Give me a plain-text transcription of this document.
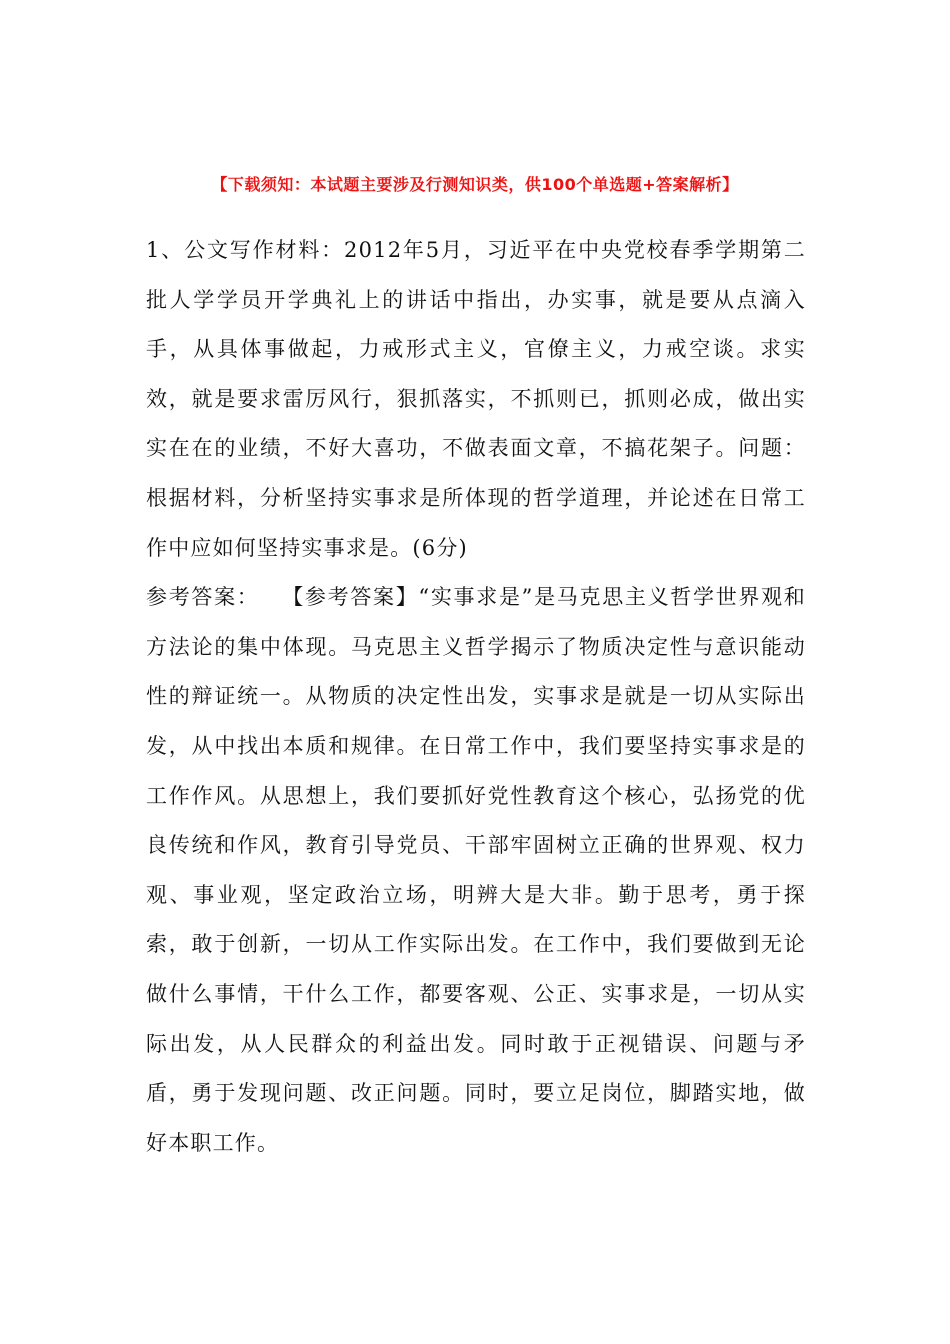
【下载须知：本试题主要涉及行测知识类，供100个单选题+答案解析】

1、公文写作材料：2012年5月，习近平在中央党校春季学期第二批人学学员开学典礼上的讲话中指出，办实事，就是要从点滴入手，从具体事做起，力戒形式主义，官僚主义，力戒空谈。求实效，就是要求雷厉风行，狠抓落实，不抓则已，抓则必成，做出实实在在的业绩，不好大喜功，不做表面文章，不搞花架子。问题：根据材料，分析坚持实事求是所体现的哲学道理，并论述在日常工作中应如何坚持实事求是。(6分)

参考答案：  【参考答案】“实事求是”是马克思主义哲学世界观和方法论的集中体现。马克思主义哲学揭示了物质决定性与意识能动性的辩证统一。从物质的决定性出发，实事求是就是一切从实际出发，从中找出本质和规律。在日常工作中，我们要坚持实事求是的工作作风。从思想上，我们要抓好党性教育这个核心，弘扬党的优良传统和作风，教育引导党员、干部牢固树立正确的世界观、权力观、事业观，坚定政治立场，明辨大是大非。勤于思考，勇于探索，敢于创新，一切从工作实际出发。在工作中，我们要做到无论做什么事情，干什么工作，都要客观、公正、实事求是，一切从实际出发，从人民群众的利益出发。同时敢于正视错误、问题与矛盾，勇于发现问题、改正问题。同时，要立足岗位，脚踏实地，做好本职工作。
